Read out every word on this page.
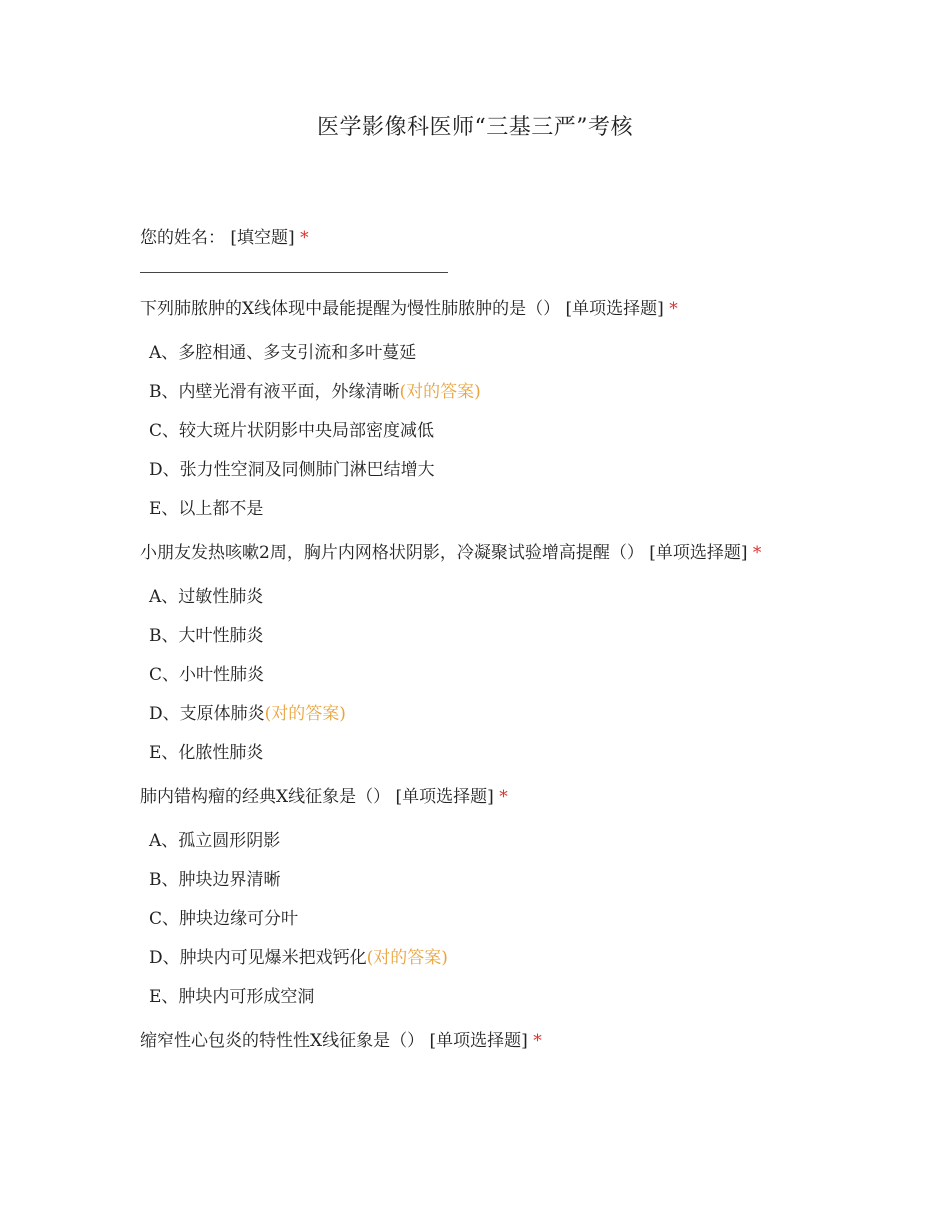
医学影像科医师“三基三严”考核
您的姓名： [填空题] *
下列肺脓肿的X线体现中最能提醒为慢性肺脓肿的是（） [单项选择题] *
A、多腔相通、多支引流和多叶蔓延
B、内壁光滑有液平面，外缘清晰(对的答案)
C、较大斑片状阴影中央局部密度减低
D、张力性空洞及同侧肺门淋巴结增大
E、以上都不是
小朋友发热咳嗽2周，胸片内网格状阴影，冷凝聚试验增高提醒（） [单项选择题] *
A、过敏性肺炎
B、大叶性肺炎
C、小叶性肺炎
D、支原体肺炎(对的答案)
E、化脓性肺炎
肺内错构瘤的经典X线征象是（） [单项选择题] *
A、孤立圆形阴影
B、肿块边界清晰
C、肿块边缘可分叶
D、肿块内可见爆米把戏钙化(对的答案)
E、肿块内可形成空洞
缩窄性心包炎的特性性X线征象是（） [单项选择题] *
